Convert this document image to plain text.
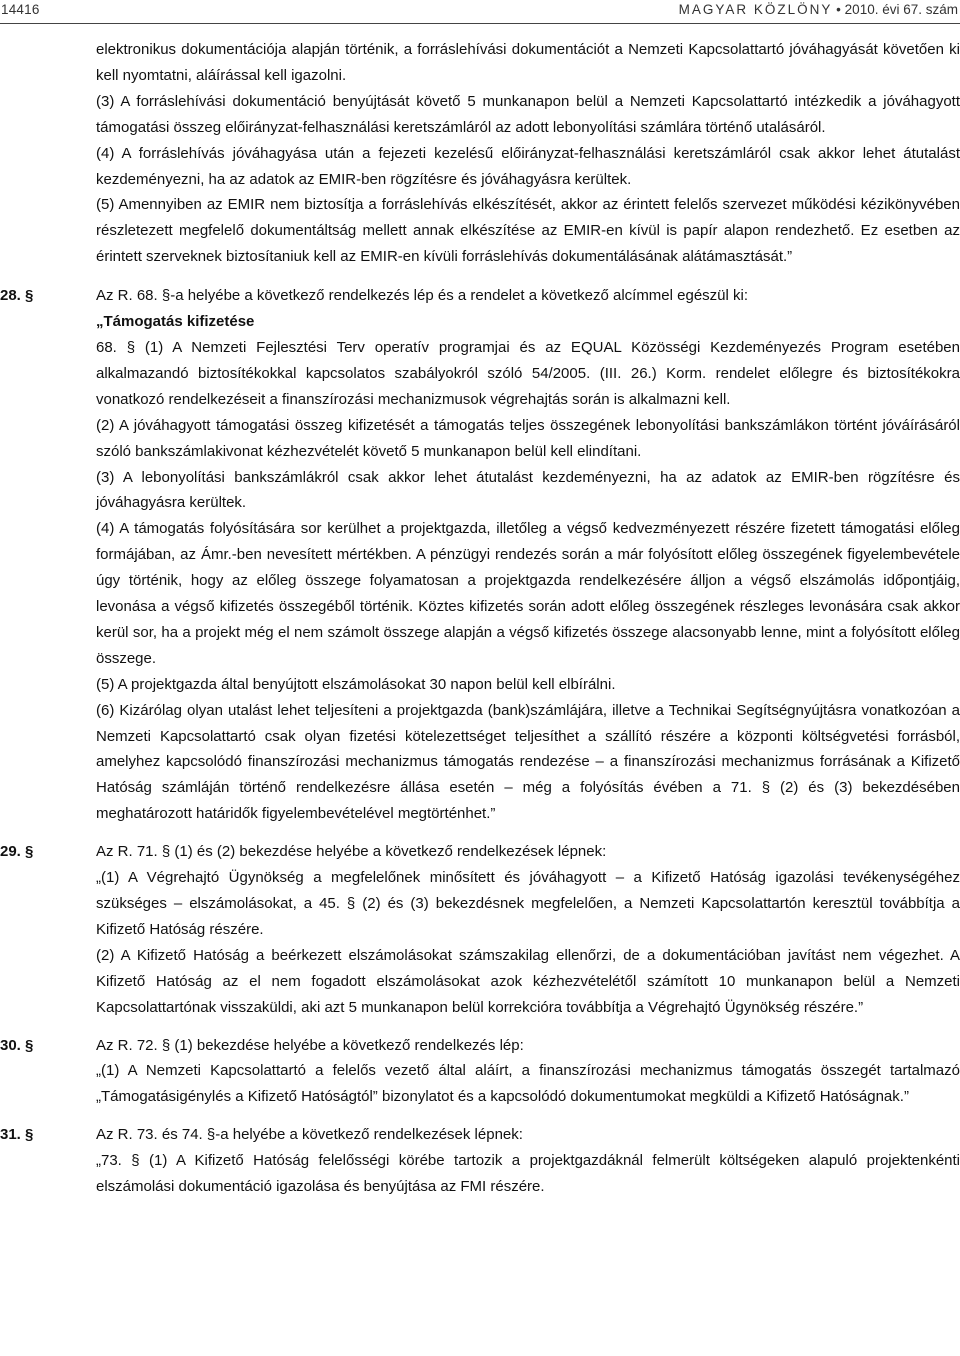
14416	MAGYAR KÖZLÖNY • 2010. évi 67. szám

elektronikus dokumentációja alapján történik, a forráslehívási dokumentációt a Nemzeti Kapcsolattartó jóváhagyását követően ki kell nyomtatni, aláírással kell igazolni.

(3) A forráslehívási dokumentáció benyújtását követő 5 munkanapon belül a Nemzeti Kapcsolattartó intézkedik a jóváhagyott támogatási összeg előirányzat-felhasználási keretszámláról az adott lebonyolítási számlára történő utalásáról.

(4) A forráslehívás jóváhagyása után a fejezeti kezelésű előirányzat-felhasználási keretszámláról csak akkor lehet átutalást kezdeményezni, ha az adatok az EMIR-ben rögzítésre és jóváhagyásra kerültek.

(5) Amennyiben az EMIR nem biztosítja a forráslehívás elkészítését, akkor az érintett felelős szervezet működési kézikönyvében részletezett megfelelő dokumentáltság mellett annak elkészítése az EMIR-en kívül is papír alapon rendezhető. Ez esetben az érintett szerveknek biztosítaniuk kell az EMIR-en kívüli forráslehívás dokumentálásának alátámasztását.”

28. §	Az R. 68. §-a helyébe a következő rendelkezés lép és a rendelet a következő alcímmel egészül ki:

„Támogatás kifizetése

68. § (1) A Nemzeti Fejlesztési Terv operatív programjai és az EQUAL Közösségi Kezdeményezés Program esetében alkalmazandó biztosítékokkal kapcsolatos szabályokról szóló 54/2005. (III. 26.) Korm. rendelet előlegre és biztosítékokra vonatkozó rendelkezéseit a finanszírozási mechanizmusok végrehajtás során is alkalmazni kell.

(2) A jóváhagyott támogatási összeg kifizetését a támogatás teljes összegének lebonyolítási bankszámlákon történt jóváírásáról szóló bankszámlakivonat kézhezvételét követő 5 munkanapon belül kell elindítani.

(3) A lebonyolítási bankszámlákról csak akkor lehet átutalást kezdeményezni, ha az adatok az EMIR-ben rögzítésre és jóváhagyásra kerültek.

(4) A támogatás folyósítására sor kerülhet a projektgazda, illetőleg a végső kedvezményezett részére fizetett támogatási előleg formájában, az Ámr.-ben nevesített mértékben. A pénzügyi rendezés során a már folyósított előleg összegének figyelembevétele úgy történik, hogy az előleg összege folyamatosan a projektgazda rendelkezésére álljon a végső elszámolás időpontjáig, levonása a végső kifizetés összegéből történik. Köztes kifizetés során adott előleg összegének részleges levonására csak akkor kerül sor, ha a projekt még el nem számolt összege alapján a végső kifizetés összege alacsonyabb lenne, mint a folyósított előleg összege.

(5) A projektgazda által benyújtott elszámolásokat 30 napon belül kell elbírálni.

(6) Kizárólag olyan utalást lehet teljesíteni a projektgazda (bank)számlájára, illetve a Technikai Segítségnyújtásra vonatkozóan a Nemzeti Kapcsolattartó csak olyan fizetési kötelezettséget teljesíthet a szállító részére a központi költségvetési forrásból, amelyhez kapcsolódó finanszírozási mechanizmus támogatás rendezése – a finanszírozási mechanizmus forrásának a Kifizető Hatóság számláján történő rendelkezésre állása esetén – még a folyósítás évében a 71. § (2) és (3) bekezdésében meghatározott határidők figyelembevételével megtörténhet.”

29. §	Az R. 71. § (1) és (2) bekezdése helyébe a következő rendelkezések lépnek:

„(1) A Végrehajtó Ügynökség a megfelelőnek minősített és jóváhagyott – a Kifizető Hatóság igazolási tevékenységéhez szükséges – elszámolásokat, a 45. § (2) és (3) bekezdésnek megfelelően, a Nemzeti Kapcsolattartón keresztül továbbítja a Kifizető Hatóság részére.

(2) A Kifizető Hatóság a beérkezett elszámolásokat számszakilag ellenőrzi, de a dokumentációban javítást nem végezhet. A Kifizető Hatóság az el nem fogadott elszámolásokat azok kézhezvételétől számított 10 munkanapon belül a Nemzeti Kapcsolattartónak visszaküldi, aki azt 5 munkanapon belül korrekcióra továbbítja a Végrehajtó Ügynökség részére.”

30. §	Az R. 72. § (1) bekezdése helyébe a következő rendelkezés lép:

„(1) A Nemzeti Kapcsolattartó a felelős vezető által aláírt, a finanszírozási mechanizmus támogatás összegét tartalmazó „Támogatásigénylés a Kifizető Hatóságtól” bizonylatot és a kapcsolódó dokumentumokat megküldi a Kifizető Hatóságnak.”

31. §	Az R. 73. és 74. §-a helyébe a következő rendelkezések lépnek:

„73. § (1) A Kifizető Hatóság felelősségi körébe tartozik a projektgazdáknál felmerült költségeken alapuló projektenkénti elszámolási dokumentáció igazolása és benyújtása az FMI részére.
